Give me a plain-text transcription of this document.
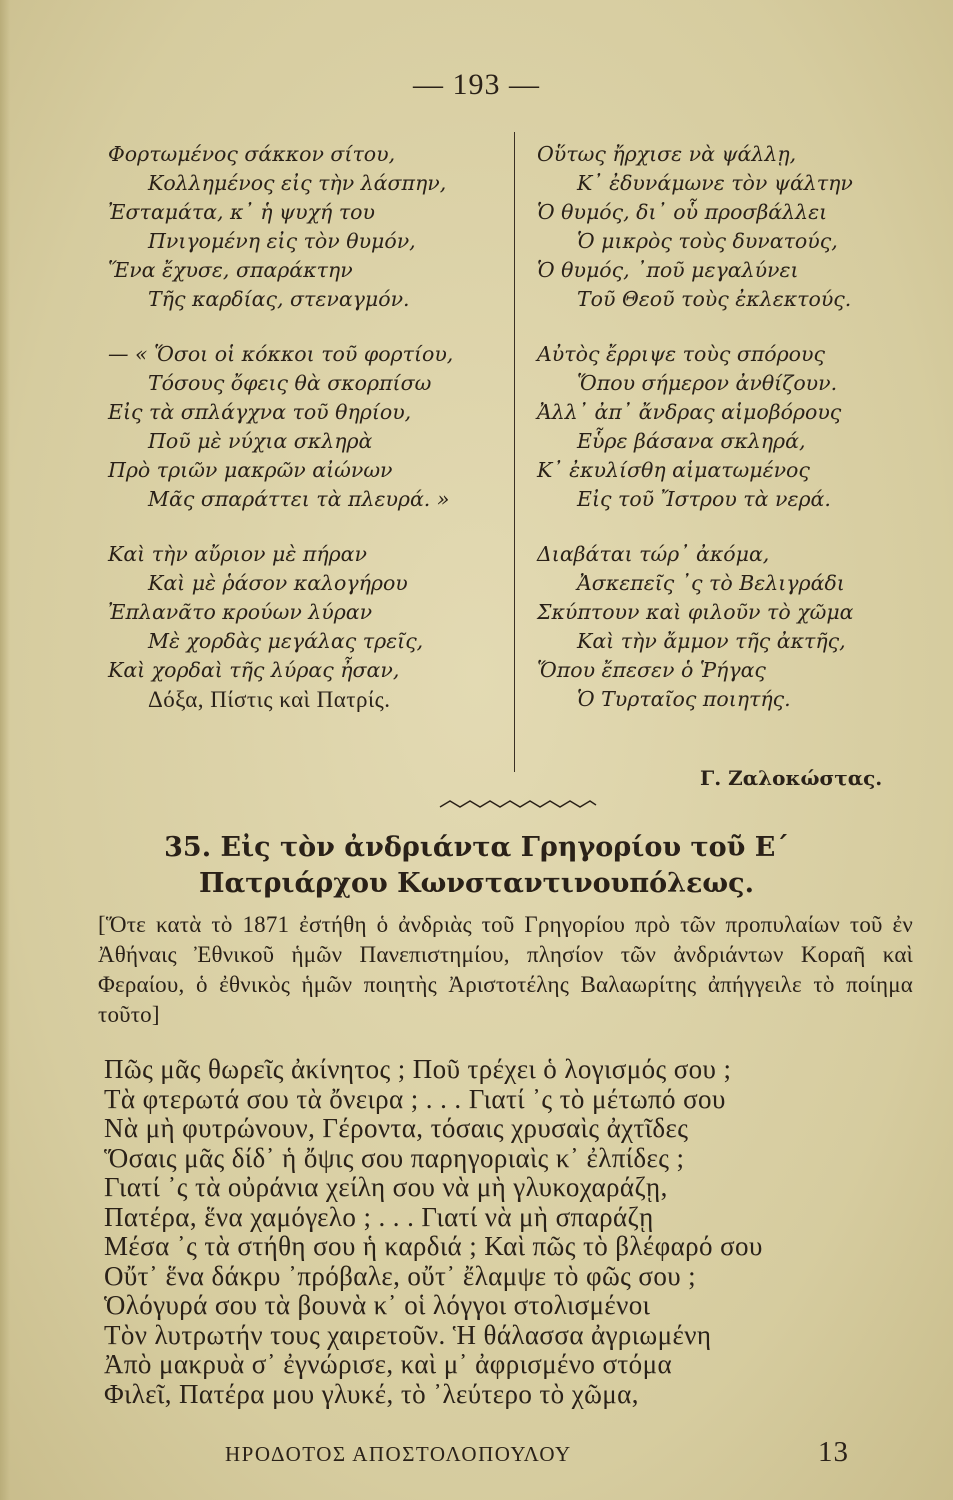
— 193 —
Φορτωμένος σάκκον σίτου,
Κολλημένος εἰς τὴν λάσπην,
Ἐσταμάτα, κ᾽ ἡ ψυχή του
Πνιγομένη εἰς τὸν θυμόν,
Ἕνα ἔχυσε, σπαράκτην
Τῆς καρδίας, στεναγμόν.
— « Ὅσοι οἱ κόκκοι τοῦ φορτίου,
Τόσους ὄφεις θὰ σκορπίσω
Εἰς τὰ σπλάγχνα τοῦ θηρίου,
Ποῦ μὲ νύχια σκληρὰ
Πρὸ τριῶν μακρῶν αἰώνων
Μᾶς σπαράττει τὰ πλευρά. »
Καὶ τὴν αὔριον μὲ πήραν
Καὶ μὲ ῥάσον καλογήρου
Ἐπλανᾶτο κρούων λύραν
Μὲ χορδὰς μεγάλας τρεῖς,
Καὶ χορδαὶ τῆς λύρας ἦσαν,
Δόξα, Πίστις καὶ Πατρίς.
Οὕτως ἤρχισε νὰ ψάλλῃ,
Κ᾽ ἐδυνάμωνε τὸν ψάλτην
Ὁ θυμός, δι᾽ οὗ προσβάλλει
Ὁ μικρὸς τοὺς δυνατούς,
Ὁ θυμός, ᾽ποῦ μεγαλύνει
Τοῦ Θεοῦ τοὺς ἐκλεκτούς.
Αὐτὸς ἔρριψε τοὺς σπόρους
Ὅπου σήμερον ἀνθίζουν.
Ἀλλ᾽ ἀπ᾽ ἄνδρας αἱμοβόρους
Εὗρε βάσανα σκληρά,
Κ᾽ ἐκυλίσθη αἱματωμένος
Εἰς τοῦ Ἴστρου τὰ νερά.
Διαβάται τώρ᾽ ἀκόμα,
Ἀσκεπεῖς ᾽ς τὸ Βελιγράδι
Σκύπτουν καὶ φιλοῦν τὸ χῶμα
Καὶ τὴν ἄμμον τῆς ἀκτῆς,
Ὅπου ἔπεσεν ὁ Ῥήγας
Ὁ Τυρταῖος ποιητής.
Γ. Ζαλοκώστας.
35. Εἰς τὸν ἀνδριάντα Γρηγορίου τοῦ Ε΄
Πατριάρχου Κωνσταντινουπόλεως.
[Ὅτε κατὰ τὸ 1871 ἐστήθη ὁ ἀνδριὰς τοῦ Γρηγορίου πρὸ τῶν προπυλαίων τοῦ ἐν Ἀθήναις Ἐθνικοῦ ἡμῶν Πανεπιστημίου, πλησίον τῶν ἀνδριάντων Κοραῆ καὶ Φεραίου, ὁ ἐθνικὸς ἡμῶν ποιητὴς Ἀριστοτέλης Βαλαωρίτης ἀπήγγειλε τὸ ποίημα τοῦτο]
Πῶς μᾶς θωρεῖς ἀκίνητος ; Ποῦ τρέχει ὁ λογισμός σου ;
Τὰ φτερωτά σου τὰ ὄνειρα ; . . . Γιατί ᾽ς τὸ μέτωπό σου
Νὰ μὴ φυτρώνουν, Γέροντα, τόσαις χρυσαὶς ἀχτῖδες
Ὅσαις μᾶς δίδ᾽ ἡ ὄψις σου παρηγοριαὶς κ᾽ ἐλπίδες ;
Γιατί ᾽ς τὰ οὐράνια χείλη σου νὰ μὴ γλυκοχαράζῃ,
Πατέρα, ἕνα χαμόγελο ; . . . Γιατί νὰ μὴ σπαράζῃ
Μέσα ᾽ς τὰ στήθη σου ἡ καρδιά ; Καὶ πῶς τὸ βλέφαρό σου
Οὔτ᾽ ἕνα δάκρυ ᾽πρόβαλε, οὔτ᾽ ἔλαμψε τὸ φῶς σου ;
Ὁλόγυρά σου τὰ βουνὰ κ᾽ οἱ λόγγοι στολισμένοι
Τὸν λυτρωτήν τους χαιρετοῦν. Ἡ θάλασσα ἀγριωμένη
Ἀπὸ μακρυὰ σ᾽ ἐγνώρισε, καὶ μ᾽ ἀφρισμένο στόμα
Φιλεῖ, Πατέρα μου γλυκέ, τὸ ᾽λεύτερο τὸ χῶμα,
ΗΡΟΔΟΤΟΣ ΑΠΟΣΤΟΛΟΠΟΥΛΟΥ	13
